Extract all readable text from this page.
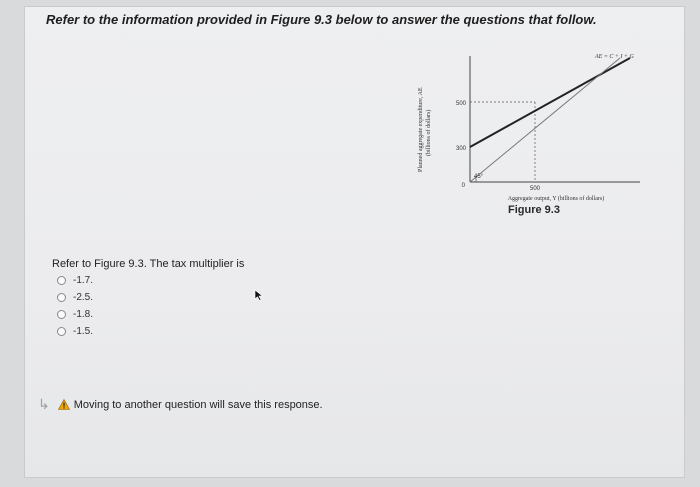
Refer to the information provided in Figure 9.3 below to answer the questions that follow.
Planned aggregate expenditure, AE (billions of dollars)
500
300
0	500
45°
AE = C + I + G
Aggregate output, Y (billions of dollars)
Figure 9.3
Refer to Figure 9.3. The tax multiplier is
-1.7.
-2.5.
-1.8.
-1.5.
↳ Moving to another question will save this response.
